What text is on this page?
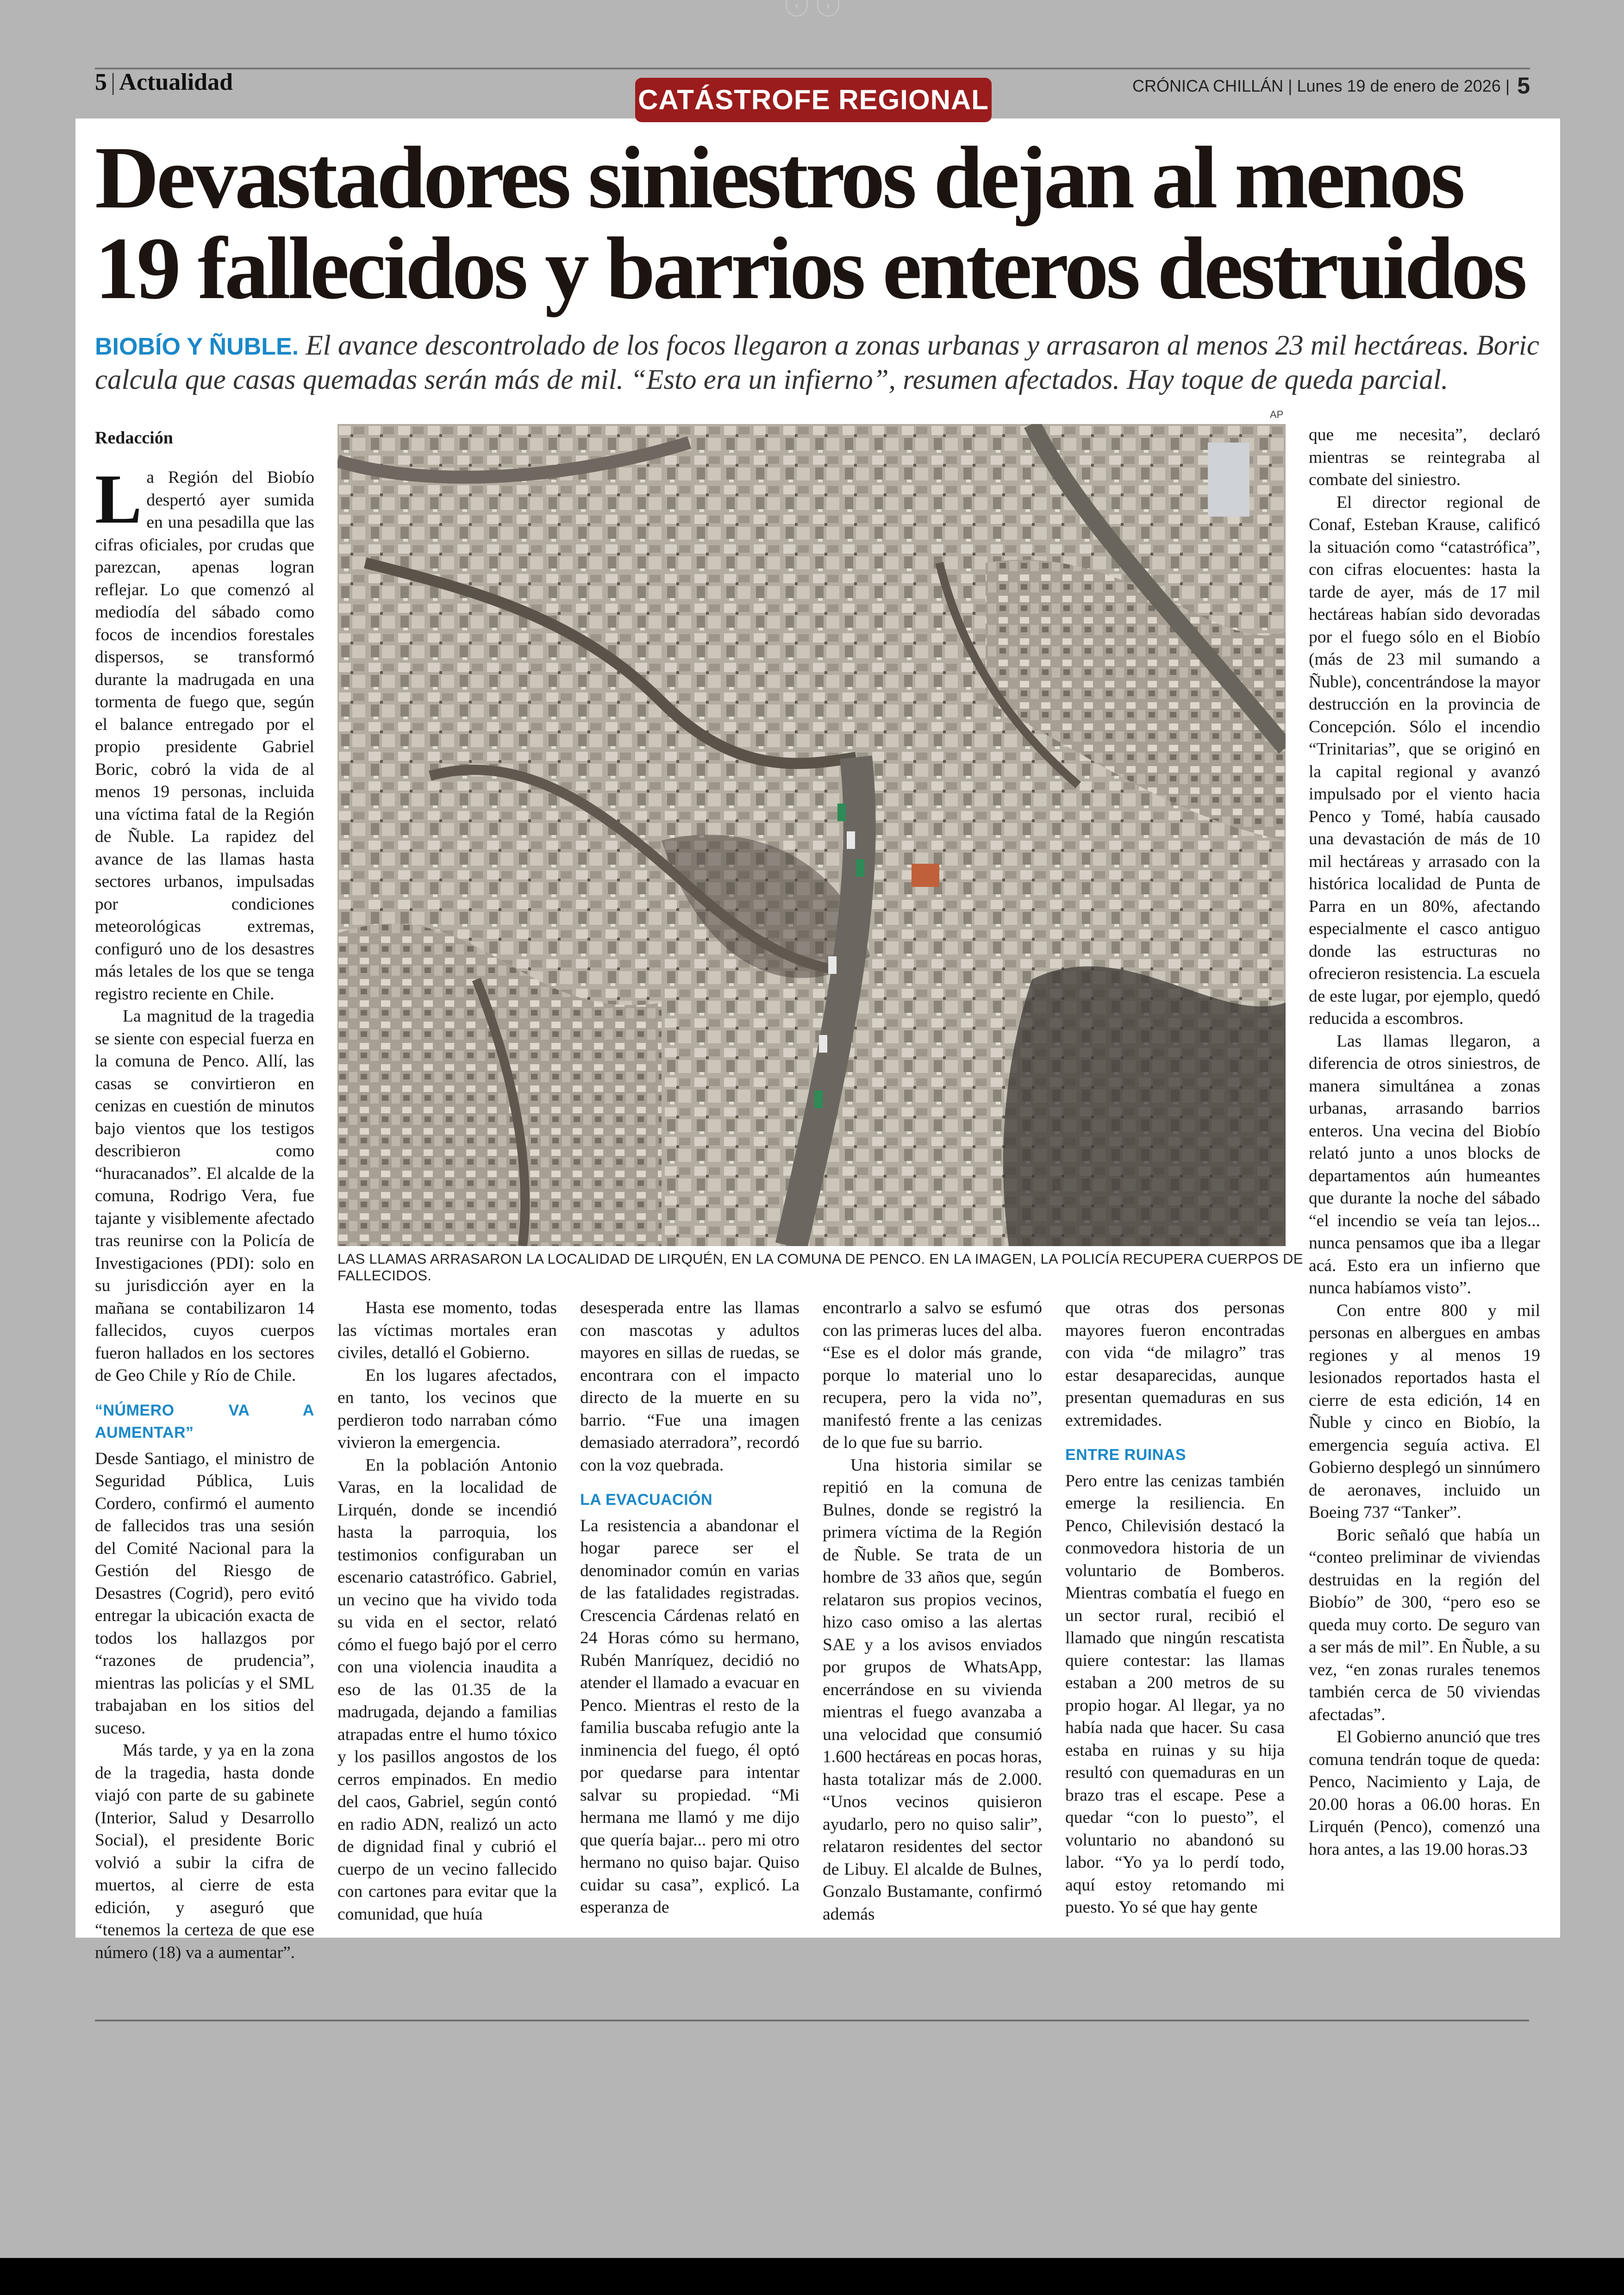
‹	›
5 | Actualidad	CRÓNICA CHILLÁN | Lunes 19 de enero de 2026 | 5
CATÁSTROFE REGIONAL
Devastadores siniestros dejan al menos
19 fallecidos y barrios enteros destruidos
BIOBÍO Y ÑUBLE. El avance descontrolado de los focos llegaron a zonas urbanas y arrasaron al menos 23 mil hectáreas. Boric calcula que casas quemadas serán más de mil. “Esto era un infierno”, resumen afectados. Hay toque de queda parcial.
Redacción
AP
LAS LLAMAS ARRASARON LA LOCALIDAD DE LIRQUÉN, EN LA COMUNA DE PENCO. EN LA IMAGEN, LA POLICÍA RECUPERA CUERPOS DE FALLECIDOS.

La Región del Biobío despertó ayer sumida en una pesadilla que las cifras oficiales, por crudas que parezcan, apenas logran reflejar. Lo que comenzó al mediodía del sábado como focos de incendios forestales dispersos, se transformó durante la madrugada en una tormenta de fuego que, según el balance entregado por el propio presidente Gabriel Boric, cobró la vida de al menos 19 personas, incluida una víctima fatal de la Región de Ñuble. La rapidez del avance de las llamas hasta sectores urbanos, impulsadas por condiciones meteorológicas extremas, configuró uno de los desastres más letales de los que se tenga registro reciente en Chile.

La magnitud de la tragedia se siente con especial fuerza en la comuna de Penco. Allí, las casas se convirtieron en cenizas en cuestión de minutos bajo vientos que los testigos describieron como “huracanados”. El alcalde de la comuna, Rodrigo Vera, fue tajante y visiblemente afectado tras reunirse con la Policía de Investigaciones (PDI): solo en su jurisdicción ayer en la mañana se contabilizaron 14 fallecidos, cuyos cuerpos fueron hallados en los sectores de Geo Chile y Río de Chile.

“NÚMERO VA A AUMENTAR”

Desde Santiago, el ministro de Seguridad Pública, Luis Cordero, confirmó el aumento de fallecidos tras una sesión del Comité Nacional para la Gestión del Riesgo de Desastres (Cogrid), pero evitó entregar la ubicación exacta de todos los hallazgos por “razones de prudencia”, mientras las policías y el SML trabajaban en los sitios del suceso.

Más tarde, y ya en la zona de la tragedia, hasta donde viajó con parte de su gabinete (Interior, Salud y Desarrollo Social), el presidente Boric volvió a subir la cifra de muertos, al cierre de esta edición, y aseguró que “tenemos la certeza de que ese número (18) va a aumentar”.

Hasta ese momento, todas las víctimas mortales eran civiles, detalló el Gobierno.

En los lugares afectados, en tanto, los vecinos que perdieron todo narraban cómo vivieron la emergencia.

En la población Antonio Varas, en la localidad de Lirquén, donde se incendió hasta la parroquia, los testimonios configuraban un escenario catastrófico. Gabriel, un vecino que ha vivido toda su vida en el sector, relató cómo el fuego bajó por el cerro con una violencia inaudita a eso de las 01.35 de la madrugada, dejando a familias atrapadas entre el humo tóxico y los pasillos angostos de los cerros empinados. En medio del caos, Gabriel, según contó en radio ADN, realizó un acto de dignidad final y cubrió el cuerpo de un vecino fallecido con cartones para evitar que la comunidad, que huía

desesperada entre las llamas con mascotas y adultos mayores en sillas de ruedas, se encontrara con el impacto directo de la muerte en su barrio. “Fue una imagen demasiado aterradora”, recordó con la voz quebrada.

LA EVACUACIÓN

La resistencia a abandonar el hogar parece ser el denominador común en varias de las fatalidades registradas. Crescencia Cárdenas relató en 24 Horas cómo su hermano, Rubén Manríquez, decidió no atender el llamado a evacuar en Penco. Mientras el resto de la familia buscaba refugio ante la inminencia del fuego, él optó por quedarse para intentar salvar su propiedad. “Mi hermana me llamó y me dijo que quería bajar... pero mi otro hermano no quiso bajar. Quiso cuidar su casa”, explicó. La esperanza de

encontrarlo a salvo se esfumó con las primeras luces del alba. “Ese es el dolor más grande, porque lo material uno lo recupera, pero la vida no”, manifestó frente a las cenizas de lo que fue su barrio.

Una historia similar se repitió en la comuna de Bulnes, donde se registró la primera víctima de la Región de Ñuble. Se trata de un hombre de 33 años que, según relataron sus propios vecinos, hizo caso omiso a las alertas SAE y a los avisos enviados por grupos de WhatsApp, encerrándose en su vivienda mientras el fuego avanzaba a una velocidad que consumió 1.600 hectáreas en pocas horas, hasta totalizar más de 2.000. “Unos vecinos quisieron ayudarlo, pero no quiso salir”, relataron residentes del sector de Libuy. El alcalde de Bulnes, Gonzalo Bustamante, confirmó además

que otras dos personas mayores fueron encontradas con vida “de milagro” tras estar desaparecidas, aunque presentan quemaduras en sus extremidades.

ENTRE RUINAS

Pero entre las cenizas también emerge la resiliencia. En Penco, Chilevisión destacó la conmovedora historia de un voluntario de Bomberos. Mientras combatía el fuego en un sector rural, recibió el llamado que ningún rescatista quiere contestar: las llamas estaban a 200 metros de su propio hogar. Al llegar, ya no había nada que hacer. Su casa estaba en ruinas y su hija resultó con quemaduras en un brazo tras el escape. Pese a quedar “con lo puesto”, el voluntario no abandonó su labor. “Yo ya lo perdí todo, aquí estoy retomando mi puesto. Yo sé que hay gente

que me necesita”, declaró mientras se reintegraba al combate del siniestro.

El director regional de Conaf, Esteban Krause, calificó la situación como “catastrófica”, con cifras elocuentes: hasta la tarde de ayer, más de 17 mil hectáreas habían sido devoradas por el fuego sólo en el Biobío (más de 23 mil sumando a Ñuble), concentrándose la mayor destrucción en la provincia de Concepción. Sólo el incendio “Trinitarias”, que se originó en la capital regional y avanzó impulsado por el viento hacia Penco y Tomé, había causado una devastación de más de 10 mil hectáreas y arrasado con la histórica localidad de Punta de Parra en un 80%, afectando especialmente el casco antiguo donde las estructuras no ofrecieron resistencia. La escuela de este lugar, por ejemplo, quedó reducida a escombros.

Las llamas llegaron, a diferencia de otros siniestros, de manera simultánea a zonas urbanas, arrasando barrios enteros. Una vecina del Biobío relató junto a unos blocks de departamentos aún humeantes que durante la noche del sábado “el incendio se veía tan lejos... nunca pensamos que iba a llegar acá. Esto era un infierno que nunca habíamos visto”.

Con entre 800 y mil personas en albergues en ambas regiones y al menos 19 lesionados reportados hasta el cierre de esta edición, 14 en Ñuble y cinco en Biobío, la emergencia seguía activa. El Gobierno desplegó un sinnúmero de aeronaves, incluido un Boeing 737 “Tanker”.

Boric señaló que había un “conteo preliminar de viviendas destruidas en la región del Biobío” de 300, “pero eso se queda muy corto. De seguro van a ser más de mil”. En Ñuble, a su vez, “en zonas rurales tenemos también cerca de 50 viviendas afectadas”.

El Gobierno anunció que tres comuna tendrán toque de queda: Penco, Nacimiento y Laja, de 20.00 horas a 06.00 horas. En Lirquén (Penco), comenzó una hora antes, a las 19.00 horas.Ↄ3
